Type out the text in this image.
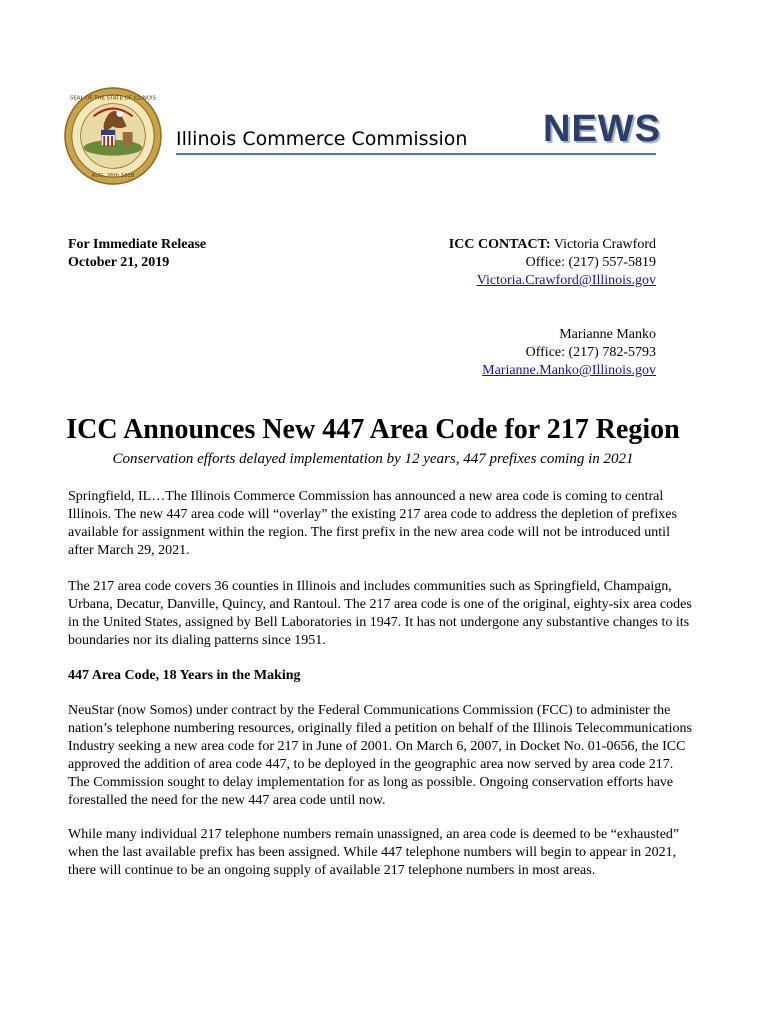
SEAL OF THE STATE OF ILLINOIS
AUG. 26th 1818
Illinois Commerce Commission NEWS
For Immediate Release
October 21, 2019
ICC CONTACT: Victoria Crawford
Office: (217) 557-5819
Victoria.Crawford@Illinois.gov
Marianne Manko
Office: (217) 782-5793
Marianne.Manko@Illinois.gov
ICC Announces New 447 Area Code for 217 Region

Conservation efforts delayed implementation by 12 years, 447 prefixes coming in 2021

Springfield, IL…The Illinois Commerce Commission has announced a new area code is coming to central Illinois. The new 447 area code will “overlay” the existing 217 area code to address the depletion of prefixes available for assignment within the region. The first prefix in the new area code will not be introduced until after March 29, 2021.

The 217 area code covers 36 counties in Illinois and includes communities such as Springfield, Champaign, Urbana, Decatur, Danville, Quincy, and Rantoul. The 217 area code is one of the original, eighty-six area codes in the United States, assigned by Bell Laboratories in 1947. It has not undergone any substantive changes to its boundaries nor its dialing patterns since 1951.

447 Area Code, 18 Years in the Making

NeuStar (now Somos) under contract by the Federal Communications Commission (FCC) to administer the nation’s telephone numbering resources, originally filed a petition on behalf of the Illinois Telecommunications Industry seeking a new area code for 217 in June of 2001. On March 6, 2007, in Docket No. 01-0656, the ICC approved the addition of area code 447, to be deployed in the geographic area now served by area code 217. The Commission sought to delay implementation for as long as possible. Ongoing conservation efforts have forestalled the need for the new 447 area code until now.

While many individual 217 telephone numbers remain unassigned, an area code is deemed to be “exhausted” when the last available prefix has been assigned. While 447 telephone numbers will begin to appear in 2021, there will continue to be an ongoing supply of available 217 telephone numbers in most areas.
